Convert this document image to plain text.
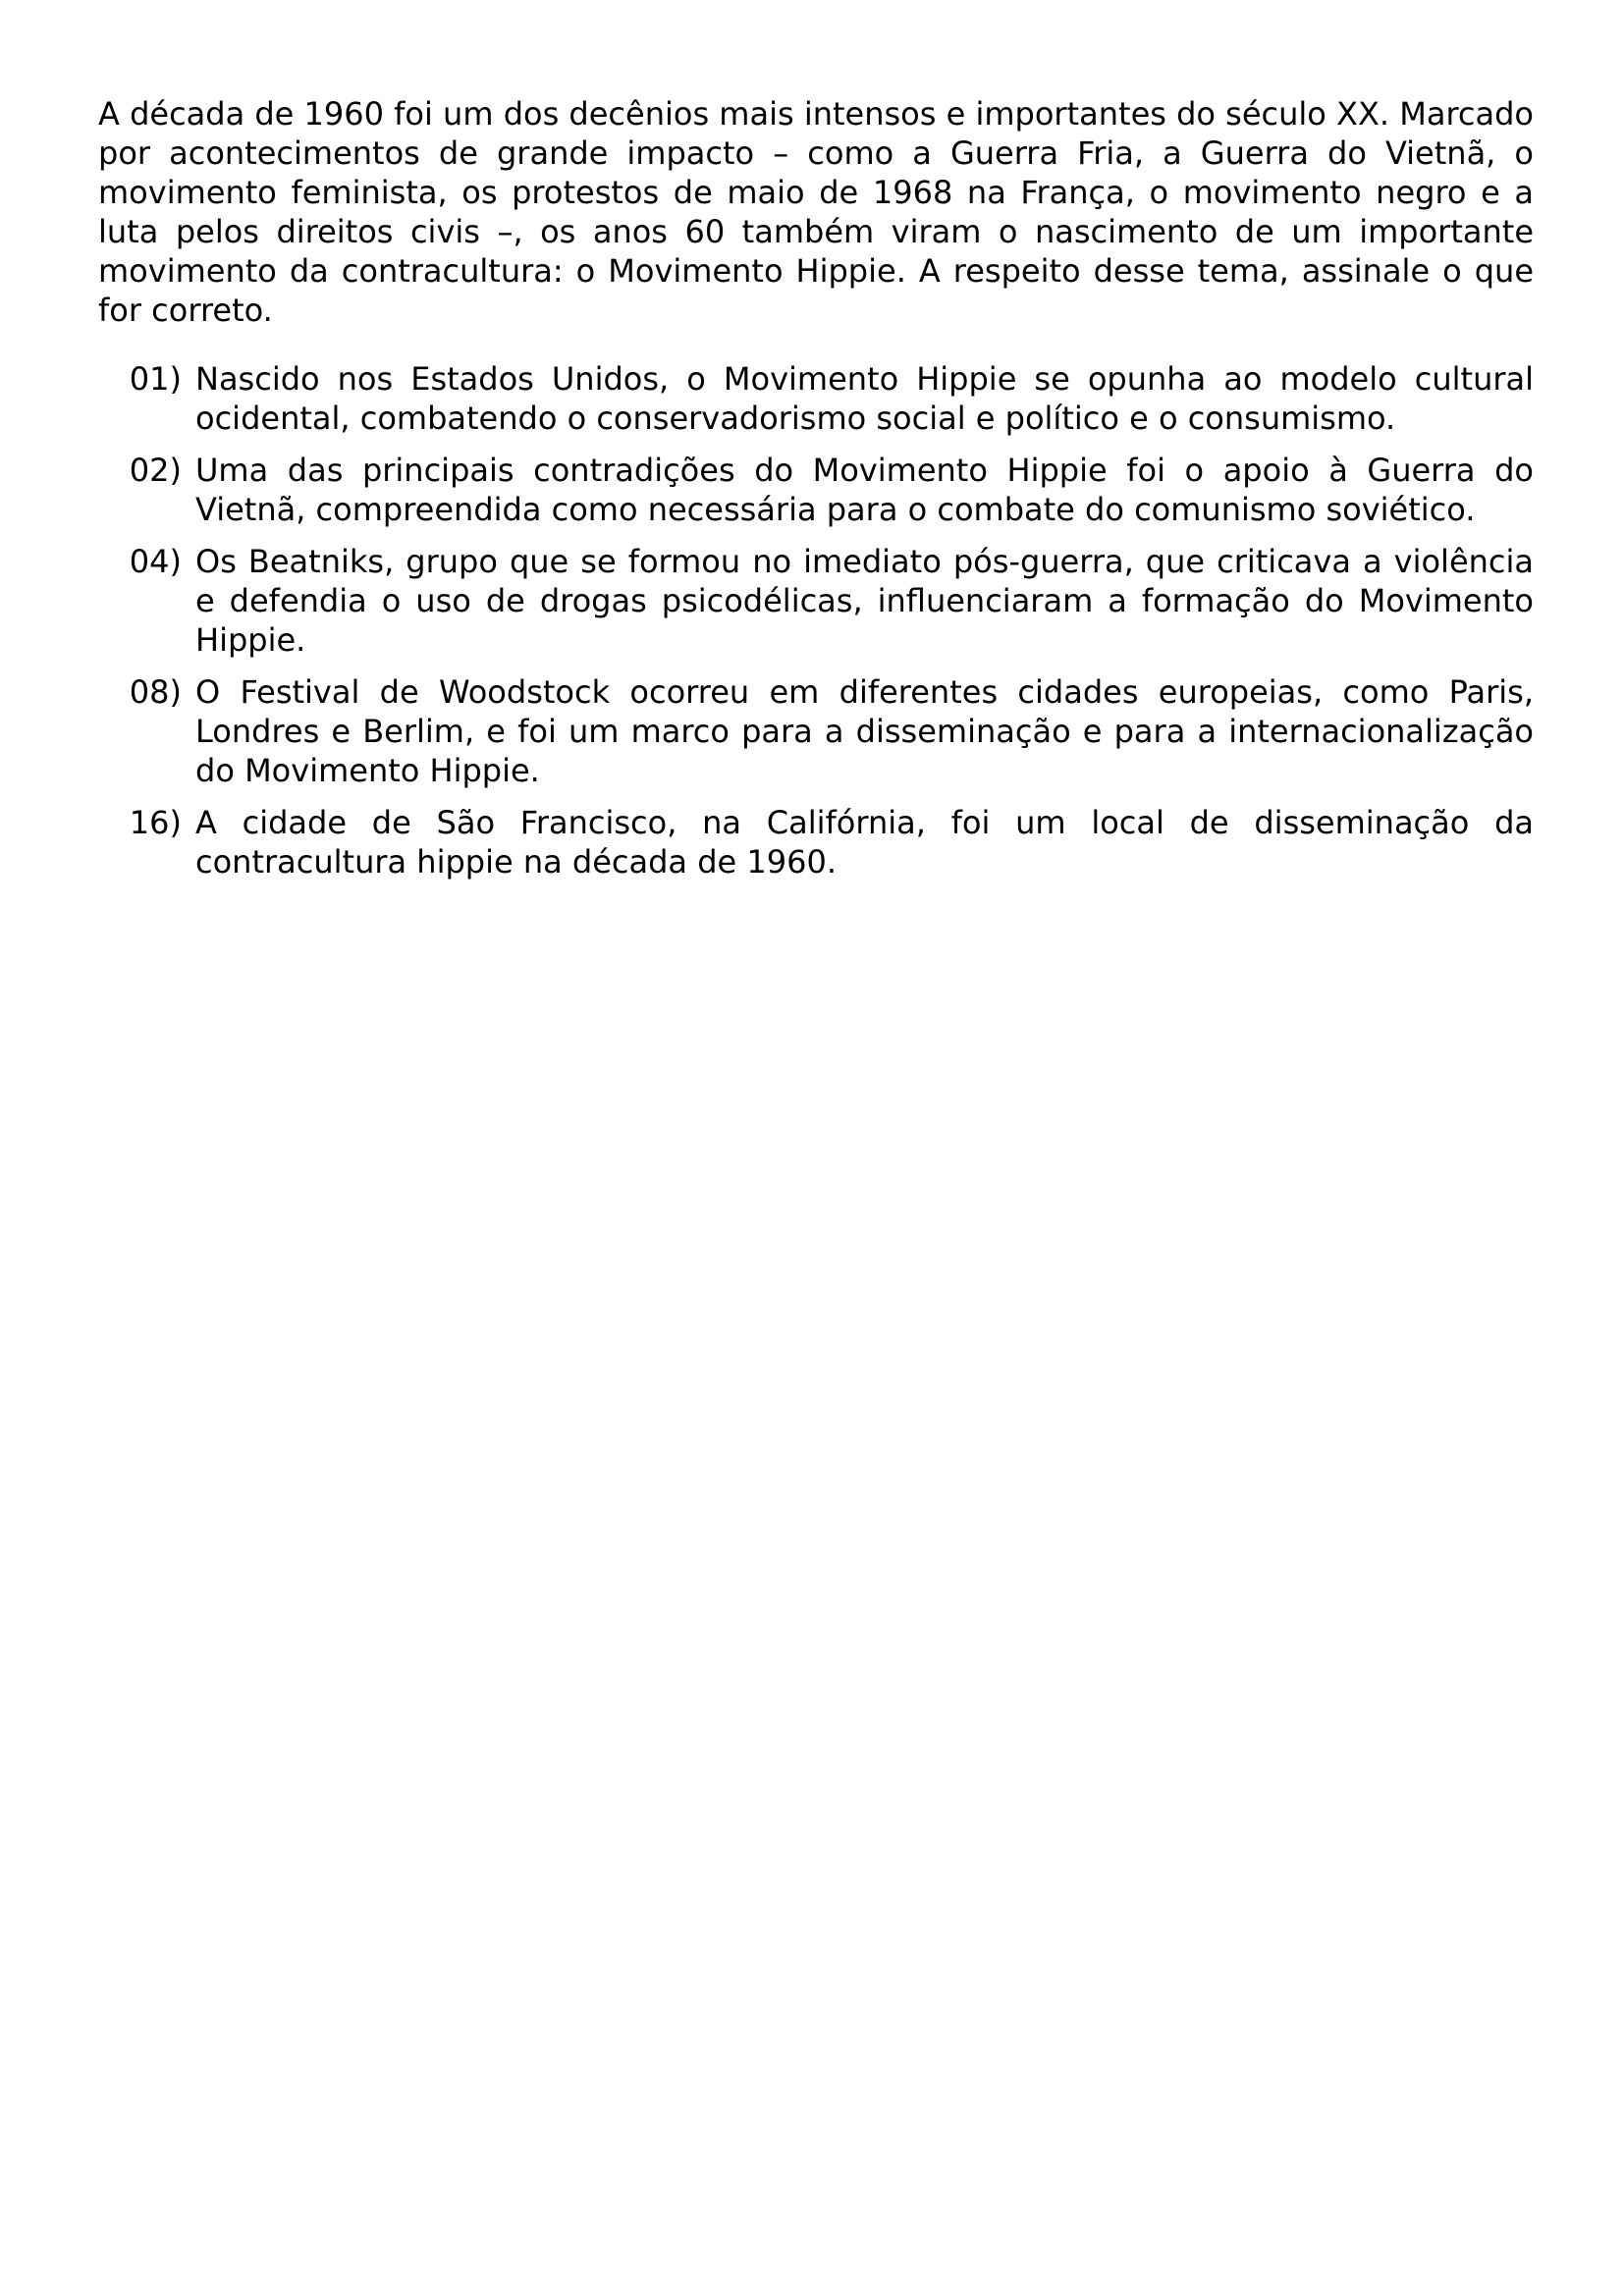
A década de 1960 foi um dos decênios mais intensos e importantes do século XX. Marcado por acontecimentos de grande impacto – como a Guerra Fria, a Guerra do Vietnã, o movimento feminista, os protestos de maio de 1968 na França, o movimento negro e a luta pelos direitos civis –, os anos 60 também viram o nascimento de um importante movimento da contracultura: o Movimento Hippie. A respeito desse tema, assinale o que for correto.

01) Nascido nos Estados Unidos, o Movimento Hippie se opunha ao modelo cultural ocidental, combatendo o conservadorismo social e político e o consumismo.
02) Uma das principais contradições do Movimento Hippie foi o apoio à Guerra do Vietnã, compreendida como necessária para o combate do comunismo soviético.
04) Os Beatniks, grupo que se formou no imediato pós-guerra, que criticava a violência e defendia o uso de drogas psicodélicas, influenciaram a formação do Movimento Hippie.
08) O Festival de Woodstock ocorreu em diferentes cidades europeias, como Paris, Londres e Berlim, e foi um marco para a disseminação e para a internacionalização do Movimento Hippie.
16) A cidade de São Francisco, na Califórnia, foi um local de disseminação da contracultura hippie na década de 1960.
